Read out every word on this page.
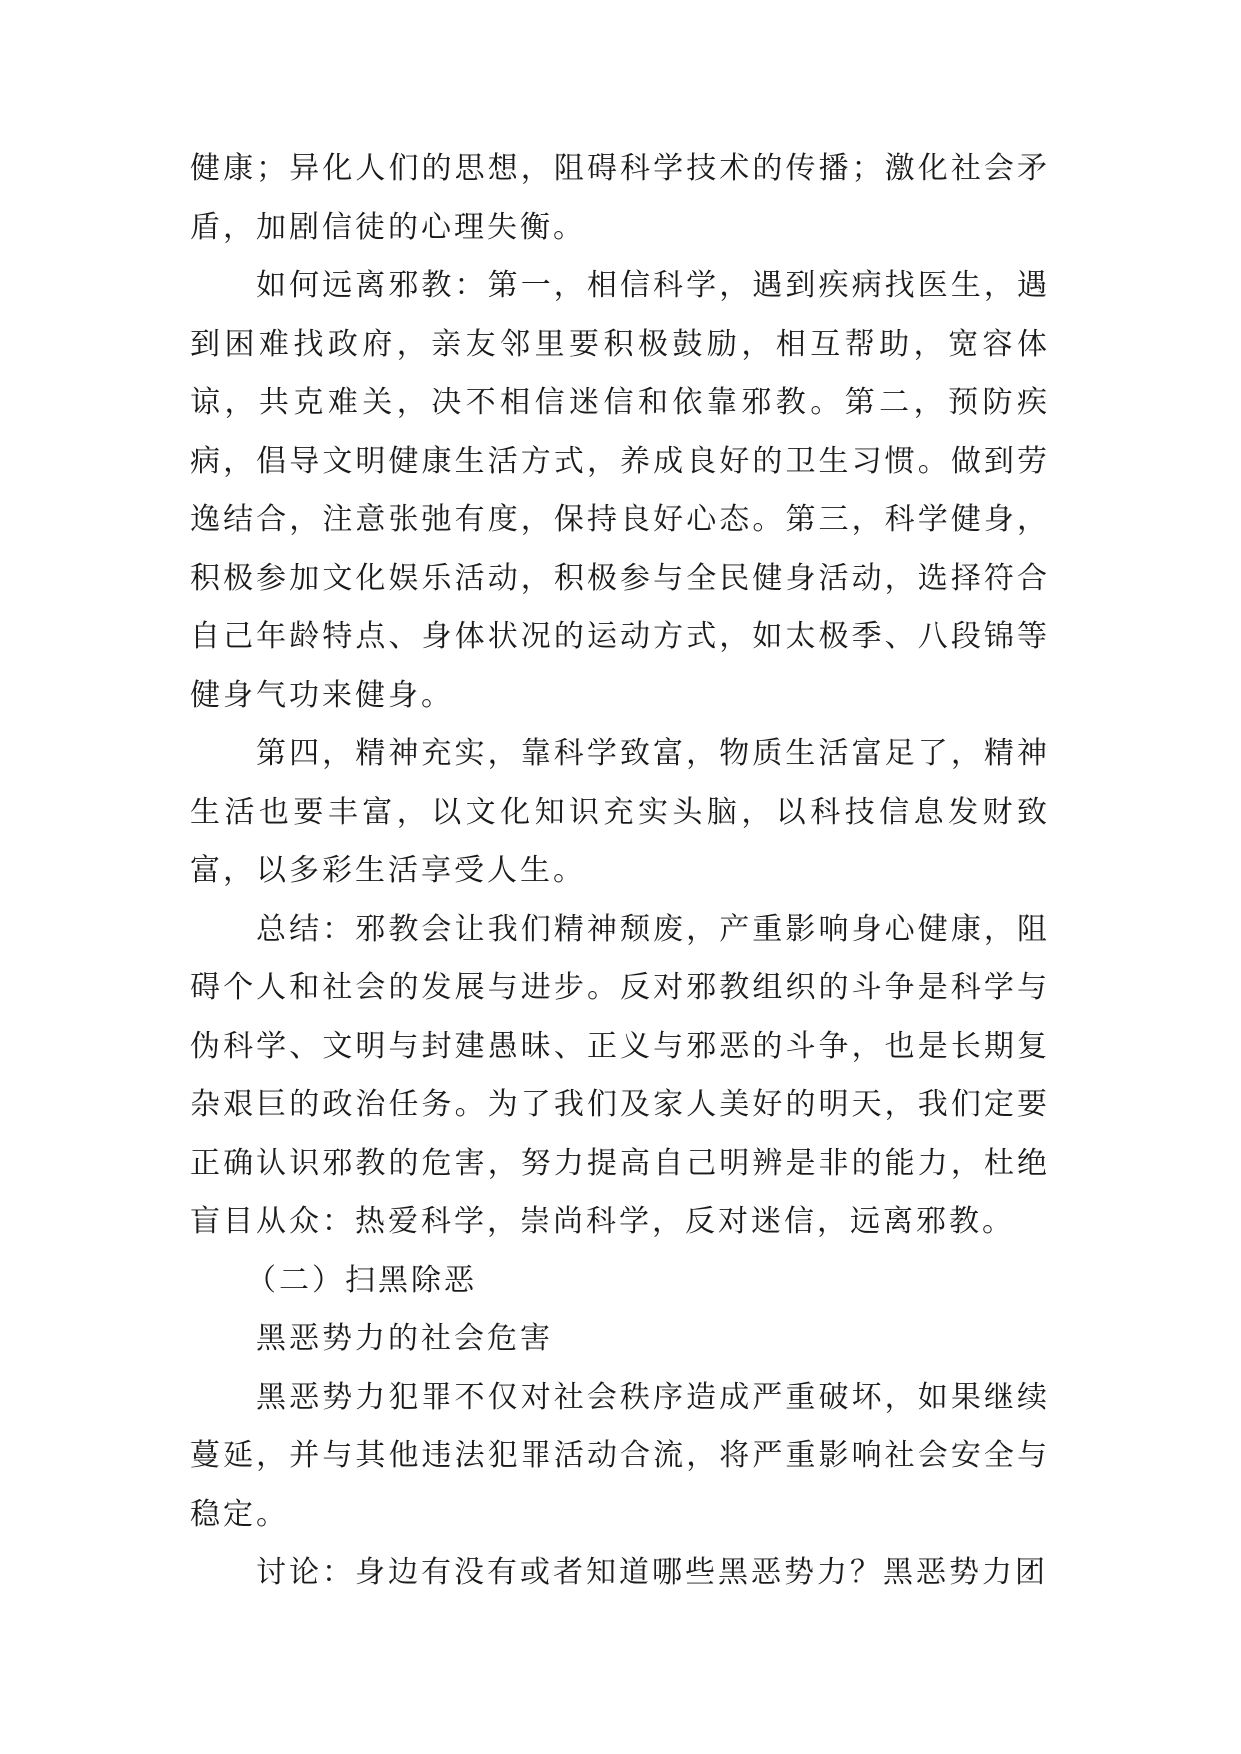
健康；异化人们的思想，阻碍科学技术的传播；激化社会矛盾，加剧信徒的心理失衡。

如何远离邪教：第一，相信科学，遇到疾病找医生，遇到困难找政府，亲友邻里要积极鼓励，相互帮助，宽容体谅，共克难关，决不相信迷信和依靠邪教。第二，预防疾病，倡导文明健康生活方式，养成良好的卫生习惯。做到劳逸结合，注意张弛有度，保持良好心态。第三，科学健身，积极参加文化娱乐活动，积极参与全民健身活动，选择符合自己年龄特点、身体状况的运动方式，如太极季、八段锦等健身气功来健身。

第四，精神充实，靠科学致富，物质生活富足了，精神生活也要丰富，以文化知识充实头脑，以科技信息发财致富，以多彩生活享受人生。

总结：邪教会让我们精神颓废，产重影响身心健康，阻碍个人和社会的发展与进步。反对邪教组织的斗争是科学与伪科学、文明与封建愚昧、正义与邪恶的斗争，也是长期复杂艰巨的政治任务。为了我们及家人美好的明天，我们定要正确认识邪教的危害，努力提高自己明辨是非的能力，杜绝盲目从众：热爱科学，崇尚科学，反对迷信，远离邪教。

（二）扫黑除恶

黑恶势力的社会危害

黑恶势力犯罪不仅对社会秩序造成严重破坏，如果继续蔓延，并与其他违法犯罪活动合流，将严重影响社会安全与稳定。

讨论：身边有没有或者知道哪些黑恶势力？黑恶势力团
